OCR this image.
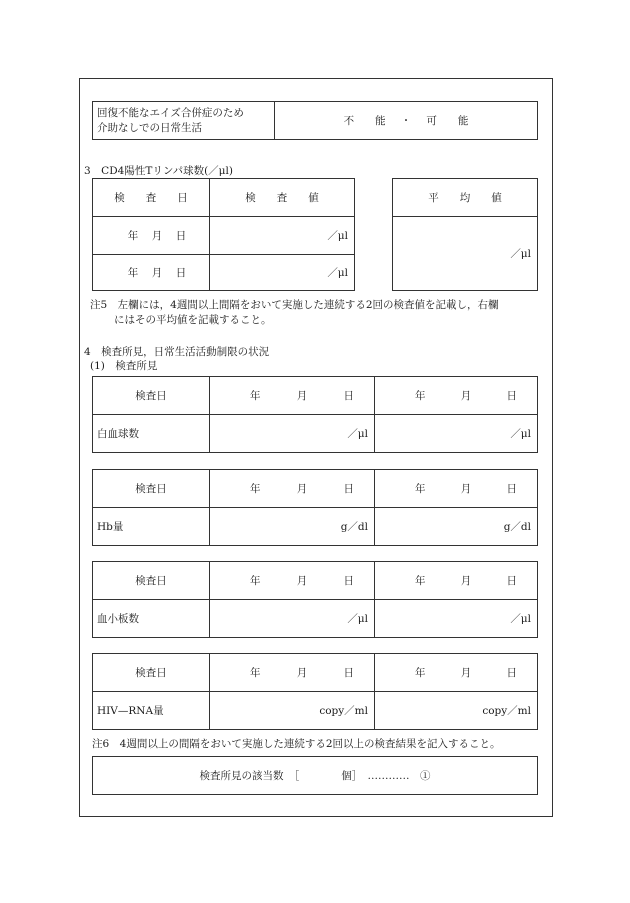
回復不能なエイズ合併症のため
介助なしでの日常生活
	不　　能 ・ 可　　能
3　CD4陽性Tリンパ球数(／μl)
検　　査　　日	検　　査　　値

年 月 日	／μl

年 月 日	／μl
平　　均　　値
／μl
注5　左欄には，4週間以上間隔をおいて実施した連続する2回の検査値を記載し，右欄
にはその平均値を記載すること。
4　検査所見，日常生活活動制限の状況
(1)　検査所見
検査日	年 月 日	年 月 日

白血球数	／μl	／μl
検査日	年 月 日	年 月 日

Hb量	g／dl	g／dl
検査日	年 月 日	年 月 日

血小板数	／μl	／μl
検査日	年 月 日	年 月 日

HIV—RNA量	copy／ml	copy／ml
注6　4週間以上の間隔をおいて実施した連続する2回以上の検査結果を記入すること。
検査所見の該当数　［　　　　個］　…………　①
